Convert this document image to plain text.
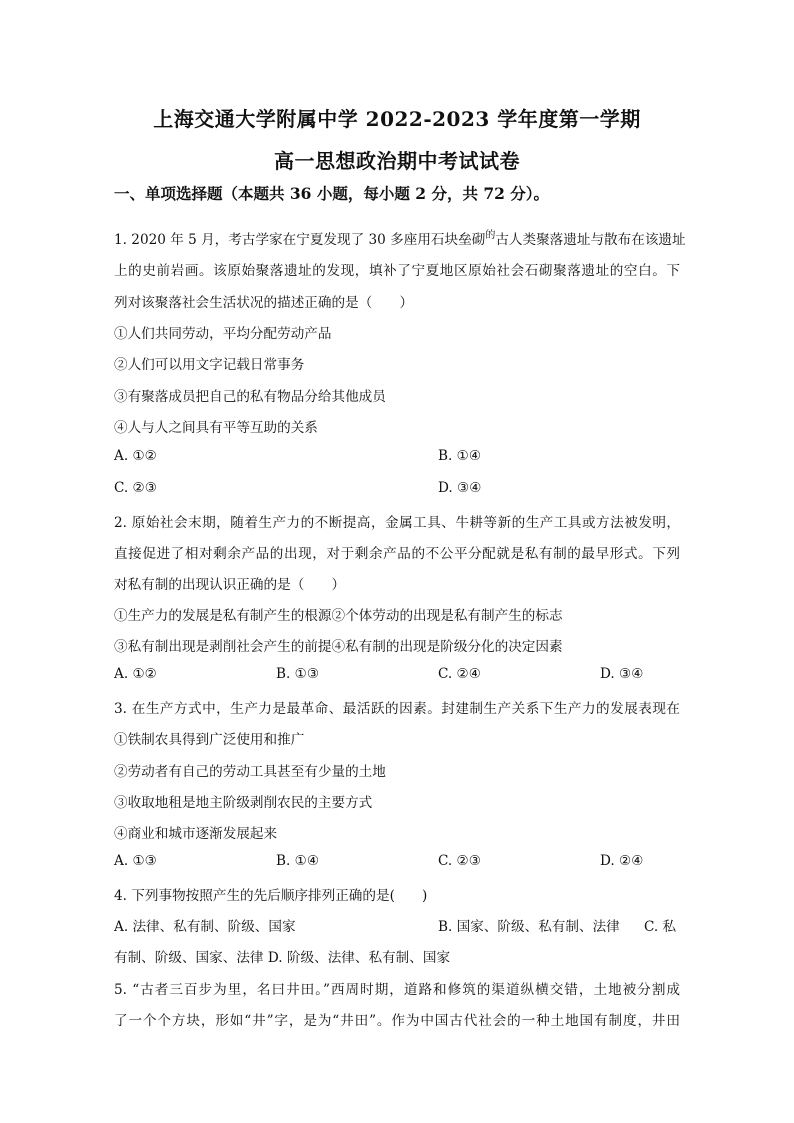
上海交通大学附属中学 2022-2023 学年度第一学期
高一思想政治期中考试试卷
一、单项选择题（本题共 36 小题，每小题 2 分，共 72 分）。
1. 2020 年 5 月，考古学家在宁夏发现了 30 多座用石块垒砌$^的$古人类聚落遗址与散布在该遗址
上的史前岩画。该原始聚落遗址的发现，填补了宁夏地区原始社会石砌聚落遗址的空白。下
列对该聚落社会生活状况的描述正确的是（　　）
①人们共同劳动，平均分配劳动产品
②人们可以用文字记载日常事务
③有聚落成员把自己的私有物品分给其他成员
④人与人之间具有平等互助的关系
A. ①②	B. ①④
C. ②③	D. ③④
2. 原始社会末期，随着生产力的不断提高，金属工具、牛耕等新的生产工具或方法被发明，
直接促进了相对剩余产品的出现，对于剩余产品的不公平分配就是私有制的最早形式。下列
对私有制的出现认识正确的是（　　）
①生产力的发展是私有制产生的根源②个体劳动的出现是私有制产生的标志
③私有制出现是剥削社会产生的前提④私有制的出现是阶级分化的决定因素
A. ①②	B. ①③	C. ②④	D. ③④
3. 在生产方式中，生产力是最革命、最活跃的因素。封建制生产关系下生产力的发展表现在
①铁制农具得到广泛使用和推广
②劳动者有自己的劳动工具甚至有少量的土地
③收取地租是地主阶级剥削农民的主要方式
④商业和城市逐渐发展起来
A. ①③	B. ①④	C. ②③	D. ②④
4. 下列事物按照产生的先后顺序排列正确的是(　　)
A. 法律、私有制、阶级、国家	B. 国家、阶级、私有制、法律 C. 私
有制、阶级、国家、法律 D. 阶级、法律、私有制、国家
5. “古者三百步为里，名曰井田。”西周时期，道路和修筑的渠道纵横交错，土地被分割成
了一个个方块，形如“井”字，是为“井田”。作为中国古代社会的一种土地国有制度，井田
